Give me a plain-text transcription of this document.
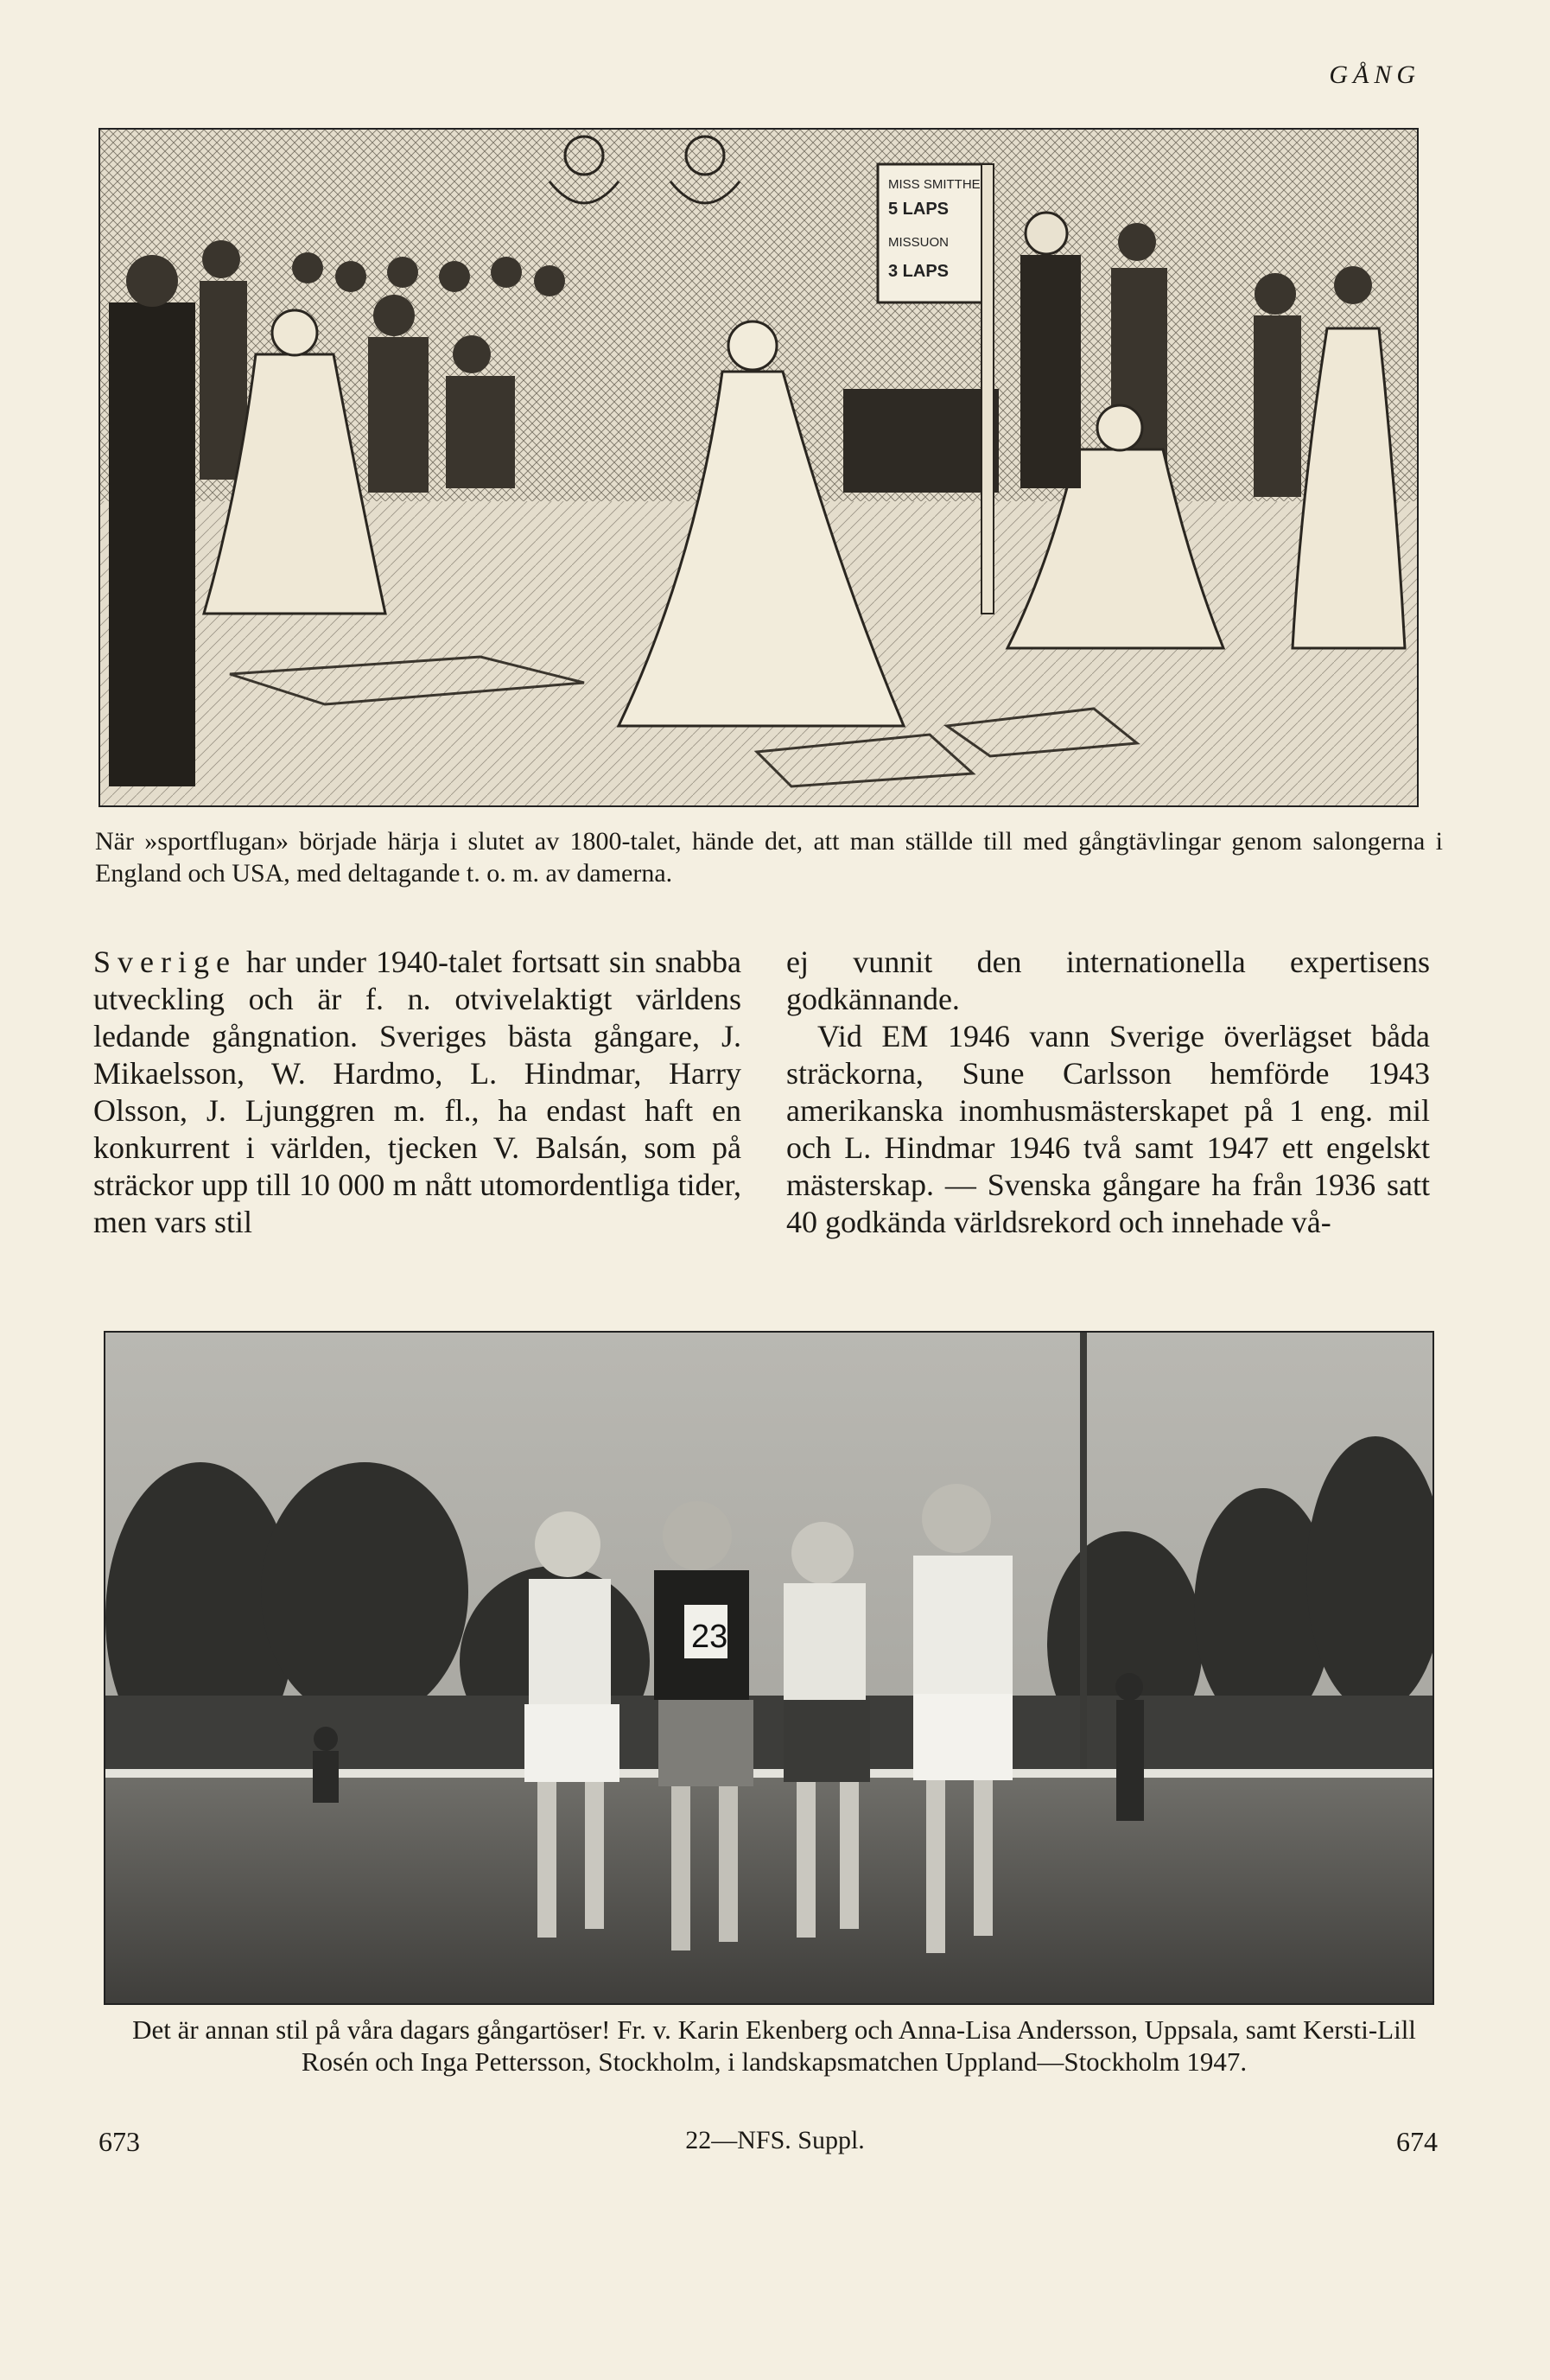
GÅNG
MISS SMITTHE
5 LAPS
MISSUON
3 LAPS
När »sportflugan» började härja i slutet av 1800-talet, hände det, att man ställde till med gångtävlingar genom salongerna i England och USA, med deltagande t. o. m. av damerna.

Sverige har under 1940-talet fortsatt sin snabba utveckling och är f. n. otvivelaktigt världens ledande gångnation. Sveriges bästa gångare, J. Mikaelsson, W. Hardmo, L. Hindmar, Harry Olsson, J. Ljunggren m. fl., ha endast haft en konkurrent i världen, tjecken V. Balsán, som på sträckor upp till 10 000 m nått utomordentliga tider, men vars stil

ej vunnit den internationella expertisens godkännande.

Vid EM 1946 vann Sverige överlägset båda sträckorna, Sune Carlsson hemförde 1943 amerikanska inomhusmästerskapet på 1 eng. mil och L. Hindmar 1946 två samt 1947 ett engelskt mästerskap. — Svenska gångare ha från 1936 satt 40 godkända världsrekord och innehade vå-

23
Det är annan stil på våra dagars gångartöser! Fr. v. Karin Ekenberg och Anna-Lisa Andersson, Uppsala, samt Kersti-Lill Rosén och Inga Pettersson, Stockholm, i landskapsmatchen Uppland—Stockholm 1947.
673	22—NFS. Suppl.	674
